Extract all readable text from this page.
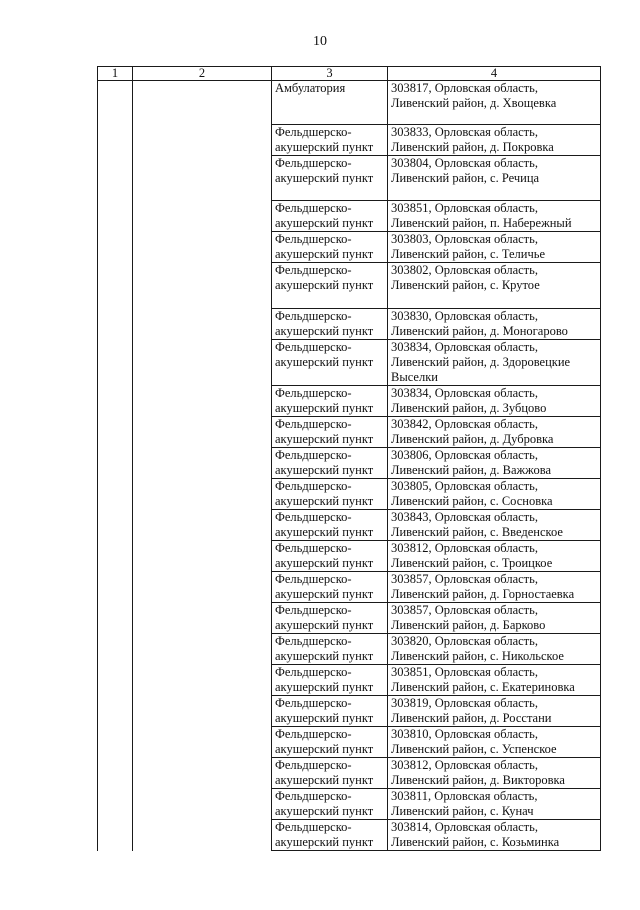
10
1	2	3	4

		Амбулатория	303817, Орловская область,
Ливенский район, д. Хвощевка

		Фельдшерско-
акушерский пункт	303833, Орловская область,
Ливенский район, д. Покровка

		Фельдшерско-
акушерский пункт	303804, Орловская область,
Ливенский район, с. Речица

		Фельдшерско-
акушерский пункт	303851, Орловская область,
Ливенский район, п. Набережный

		Фельдшерско-
акушерский пункт	303803, Орловская область,
Ливенский район, с. Теличье

		Фельдшерско-
акушерский пункт	303802, Орловская область,
Ливенский район, с. Крутое

		Фельдшерско-
акушерский пункт	303830, Орловская область,
Ливенский район, д. Моногарово

		Фельдшерско-
акушерский пункт	303834, Орловская область,
Ливенский район, д. Здоровецкие
Выселки

		Фельдшерско-
акушерский пункт	303834, Орловская область,
Ливенский район, д. Зубцово

		Фельдшерско-
акушерский пункт	303842, Орловская область,
Ливенский район, д. Дубровка

		Фельдшерско-
акушерский пункт	303806, Орловская область,
Ливенский район, д. Важжова

		Фельдшерско-
акушерский пункт	303805, Орловская область,
Ливенский район, с. Сосновка

		Фельдшерско-
акушерский пункт	303843, Орловская область,
Ливенский район, с. Введенское

		Фельдшерско-
акушерский пункт	303812, Орловская область,
Ливенский район, с. Троицкое

		Фельдшерско-
акушерский пункт	303857, Орловская область,
Ливенский район, д. Горностаевка

		Фельдшерско-
акушерский пункт	303857, Орловская область,
Ливенский район, д. Барково

		Фельдшерско-
акушерский пункт	303820, Орловская область,
Ливенский район, с. Никольское

		Фельдшерско-
акушерский пункт	303851, Орловская область,
Ливенский район, с. Екатериновка

		Фельдшерско-
акушерский пункт	303819, Орловская область,
Ливенский район, д. Росстани

		Фельдшерско-
акушерский пункт	303810, Орловская область,
Ливенский район, с. Успенское

		Фельдшерско-
акушерский пункт	303812, Орловская область,
Ливенский район, д. Викторовка

		Фельдшерско-
акушерский пункт	303811, Орловская область,
Ливенский район, с. Кунач

		Фельдшерско-
акушерский пункт	303814, Орловская область,
Ливенский район, с. Козьминка
